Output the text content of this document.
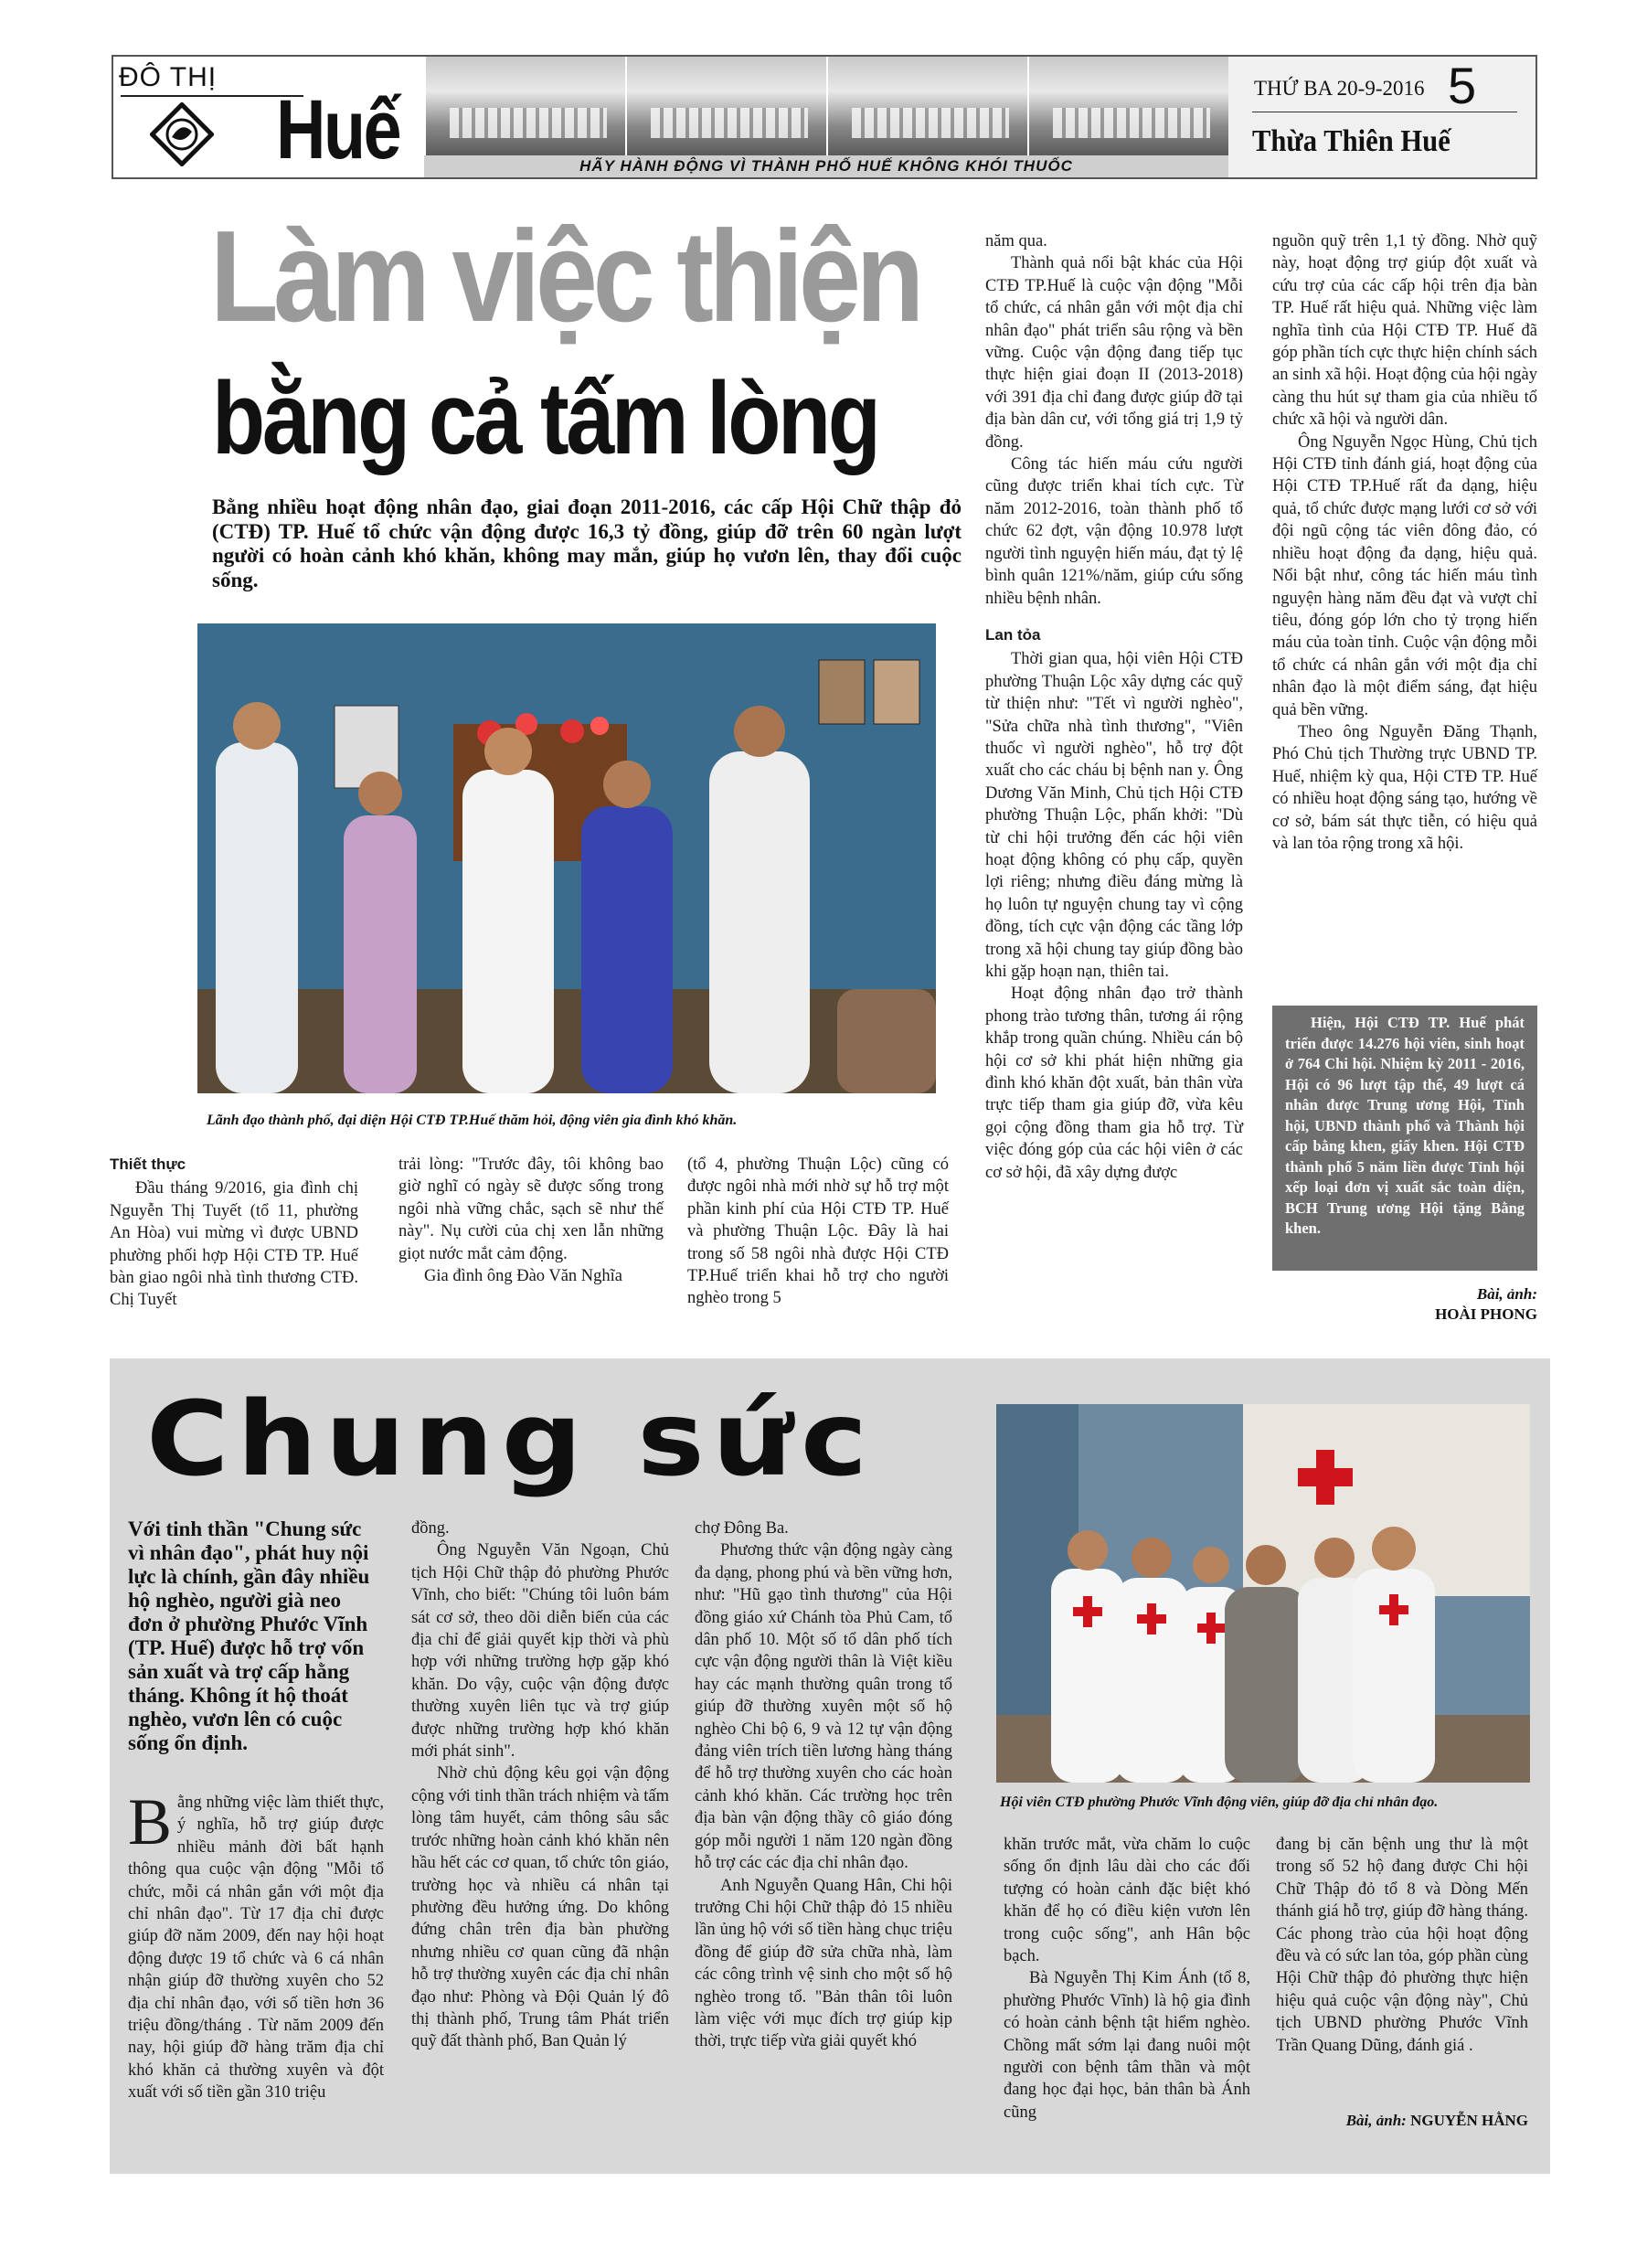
ĐÔ THỊ
Huế	HÃY HÀNH ĐỘNG VÌ THÀNH PHỐ HUẾ KHÔNG KHÓI THUỐC
THỨ BA 20-9-2016 5
Thừa Thiên Huế
Làm việc thiện
bằng cả tấm lòng
Bằng nhiều hoạt động nhân đạo, giai đoạn 2011-2016, các cấp Hội Chữ thập đỏ (CTĐ) TP. Huế tổ chức vận động được 16,3 tỷ đồng, giúp đỡ trên 60 ngàn lượt người có hoàn cảnh khó khăn, không may mắn, giúp họ vươn lên, thay đổi cuộc sống.
Lãnh đạo thành phố, đại diện Hội CTĐ TP.Huế thăm hỏi, động viên gia đình khó khăn.
Thiết thực

Đầu tháng 9/2016, gia đình chị Nguyễn Thị Tuyết (tổ 11, phường An Hòa) vui mừng vì được UBND phường phối hợp Hội CTĐ TP. Huế bàn giao ngôi nhà tình thương CTĐ. Chị Tuyết

trải lòng: "Trước đây, tôi không bao giờ nghĩ có ngày sẽ được sống trong ngôi nhà vững chắc, sạch sẽ như thế này". Nụ cười của chị xen lẫn những giọt nước mắt cảm động.

Gia đình ông Đào Văn Nghĩa

(tổ 4, phường Thuận Lộc) cũng có được ngôi nhà mới nhờ sự hỗ trợ một phần kinh phí của Hội CTĐ TP. Huế và phường Thuận Lộc. Đây là hai trong số 58 ngôi nhà được Hội CTĐ TP.Huế triển khai hỗ trợ cho người nghèo trong 5

năm qua.

Thành quả nổi bật khác của Hội CTĐ TP.Huế là cuộc vận động "Mỗi tổ chức, cá nhân gắn với một địa chỉ nhân đạo" phát triển sâu rộng và bền vững. Cuộc vận động đang tiếp tục thực hiện giai đoạn II (2013-2018) với 391 địa chỉ đang được giúp đỡ tại địa bàn dân cư, với tổng giá trị 1,9 tỷ đồng.

Công tác hiến máu cứu người cũng được triển khai tích cực. Từ năm 2012-2016, toàn thành phố tổ chức 62 đợt, vận động 10.978 lượt người tình nguyện hiến máu, đạt tỷ lệ bình quân 121%/năm, giúp cứu sống nhiều bệnh nhân.

Lan tỏa

Thời gian qua, hội viên Hội CTĐ phường Thuận Lộc xây dựng các quỹ từ thiện như: "Tết vì người nghèo", "Sửa chữa nhà tình thương", "Viên thuốc vì người nghèo", hỗ trợ đột xuất cho các cháu bị bệnh nan y. Ông Dương Văn Minh, Chủ tịch Hội CTĐ phường Thuận Lộc, phấn khởi: "Dù từ chi hội trưởng đến các hội viên hoạt động không có phụ cấp, quyền lợi riêng; nhưng điều đáng mừng là họ luôn tự nguyện chung tay vì cộng đồng, tích cực vận động các tầng lớp trong xã hội chung tay giúp đồng bào khi gặp hoạn nạn, thiên tai.

Hoạt động nhân đạo trở thành phong trào tương thân, tương ái rộng khắp trong quần chúng. Nhiều cán bộ hội cơ sở khi phát hiện những gia đình khó khăn đột xuất, bản thân vừa trực tiếp tham gia giúp đỡ, vừa kêu gọi cộng đồng tham gia hỗ trợ. Từ việc đóng góp của các hội viên ở các cơ sở hội, đã xây dựng được

nguồn quỹ trên 1,1 tỷ đồng. Nhờ quỹ này, hoạt động trợ giúp đột xuất và cứu trợ của các cấp hội trên địa bàn TP. Huế rất hiệu quả. Những việc làm nghĩa tình của Hội CTĐ TP. Huế đã góp phần tích cực thực hiện chính sách an sinh xã hội. Hoạt động của hội ngày càng thu hút sự tham gia của nhiều tổ chức xã hội và người dân.

Ông Nguyễn Ngọc Hùng, Chủ tịch Hội CTĐ tỉnh đánh giá, hoạt động của Hội CTĐ TP.Huế rất đa dạng, hiệu quả, tổ chức được mạng lưới cơ sở với đội ngũ cộng tác viên đông đảo, có nhiều hoạt động đa dạng, hiệu quả. Nổi bật như, công tác hiến máu tình nguyện hàng năm đều đạt và vượt chỉ tiêu, đóng góp lớn cho tỷ trọng hiến máu của toàn tỉnh. Cuộc vận động mỗi tổ chức cá nhân gắn với một địa chỉ nhân đạo là một điểm sáng, đạt hiệu quả bền vững.

Theo ông Nguyễn Đăng Thạnh, Phó Chủ tịch Thường trực UBND TP. Huế, nhiệm kỳ qua, Hội CTĐ TP. Huế có nhiều hoạt động sáng tạo, hướng về cơ sở, bám sát thực tiễn, có hiệu quả và lan tỏa rộng trong xã hội.

Hiện, Hội CTĐ TP. Huế phát triển được 14.276 hội viên, sinh hoạt ở 764 Chi hội. Nhiệm kỳ 2011 - 2016, Hội có 96 lượt tập thể, 49 lượt cá nhân được Trung ương Hội, Tỉnh hội, UBND thành phố và Thành hội cấp bằng khen, giấy khen. Hội CTĐ thành phố 5 năm liền được Tỉnh hội xếp loại đơn vị xuất sắc toàn diện, BCH Trung ương Hội tặng Bằng khen.
Bài, ảnh:
HOÀI PHONG
Chung sức
Với tinh thần "Chung sức vì nhân đạo", phát huy nội lực là chính, gần đây nhiều hộ nghèo, người già neo đơn ở phường Phước Vĩnh (TP. Huế) được hỗ trợ vốn sản xuất và trợ cấp hằng tháng. Không ít hộ thoát nghèo, vươn lên có cuộc sống ổn định.
B ằng những việc làm thiết thực, ý nghĩa, hỗ trợ giúp được nhiều mảnh đời bất hạnh thông qua cuộc vận động "Mỗi tổ chức, mỗi cá nhân gắn với một địa chỉ nhân đạo". Từ 17 địa chỉ được giúp đỡ năm 2009, đến nay hội hoạt động được 19 tổ chức và 6 cá nhân nhận giúp đỡ thường xuyên cho 52 địa chỉ nhân đạo, với số tiền hơn 36 triệu đồng/tháng . Từ năm 2009 đến nay, hội giúp đỡ hàng trăm địa chỉ khó khăn cả thường xuyên và đột xuất với số tiền gần 310 triệu

đồng.

Ông Nguyễn Văn Ngoạn, Chủ tịch Hội Chữ thập đỏ phường Phước Vĩnh, cho biết: "Chúng tôi luôn bám sát cơ sở, theo dõi diễn biến của các địa chỉ để giải quyết kịp thời và phù hợp với những trường hợp gặp khó khăn. Do vậy, cuộc vận động được thường xuyên liên tục và trợ giúp được những trường hợp khó khăn mới phát sinh".

Nhờ chủ động kêu gọi vận động cộng với tinh thần trách nhiệm và tấm lòng tâm huyết, cảm thông sâu sắc trước những hoàn cảnh khó khăn nên hầu hết các cơ quan, tổ chức tôn giáo, trường học và nhiều cá nhân tại phường đều hưởng ứng. Do không đứng chân trên địa bàn phường nhưng nhiều cơ quan cũng đã nhận hỗ trợ thường xuyên các địa chỉ nhân đạo như: Phòng và Đội Quản lý đô thị thành phố, Trung tâm Phát triển quỹ đất thành phố, Ban Quản lý

chợ Đông Ba.

Phương thức vận động ngày càng đa dạng, phong phú và bền vững hơn, như: "Hũ gạo tình thương" của Hội đồng giáo xứ Chánh tòa Phủ Cam, tổ dân phố 10. Một số tổ dân phố tích cực vận động người thân là Việt kiều hay các mạnh thường quân trong tổ giúp đỡ thường xuyên một số hộ nghèo Chi bộ 6, 9 và 12 tự vận động đảng viên trích tiền lương hàng tháng để hỗ trợ thường xuyên cho các hoàn cảnh khó khăn. Các trường học trên địa bàn vận động thầy cô giáo đóng góp mỗi người 1 năm 120 ngàn đồng hỗ trợ các các địa chỉ nhân đạo.

Anh Nguyễn Quang Hân, Chi hội trưởng Chi hội Chữ thập đỏ 15 nhiều lần ủng hộ với số tiền hàng chục triệu đồng để giúp đỡ sửa chữa nhà, làm các công trình vệ sinh cho một số hộ nghèo trong tổ. "Bản thân tôi luôn làm việc với mục đích trợ giúp kịp thời, trực tiếp vừa giải quyết khó

Hội viên CTĐ phường Phước Vĩnh động viên, giúp đỡ địa chỉ nhân đạo.

khăn trước mắt, vừa chăm lo cuộc sống ổn định lâu dài cho các đối tượng có hoàn cảnh đặc biệt khó khăn để họ có điều kiện vươn lên trong cuộc sống", anh Hân bộc bạch.

Bà Nguyễn Thị Kim Ánh (tổ 8, phường Phước Vĩnh) là hộ gia đình có hoàn cảnh bệnh tật hiểm nghèo. Chồng mất sớm lại đang nuôi một người con bệnh tâm thần và một đang học đại học, bản thân bà Ánh cũng

đang bị căn bệnh ung thư là một trong số 52 hộ đang được Chi hội Chữ Thập đỏ tổ 8 và Dòng Mến thánh giá hỗ trợ, giúp đỡ hàng tháng. Các phong trào của hội hoạt động đều và có sức lan tỏa, góp phần cùng Hội Chữ thập đỏ phường thực hiện hiệu quả cuộc vận động này", Chủ tịch UBND phường Phước Vĩnh Trần Quang Dũng, đánh giá .

Bài, ảnh: NGUYỄN HẰNG
